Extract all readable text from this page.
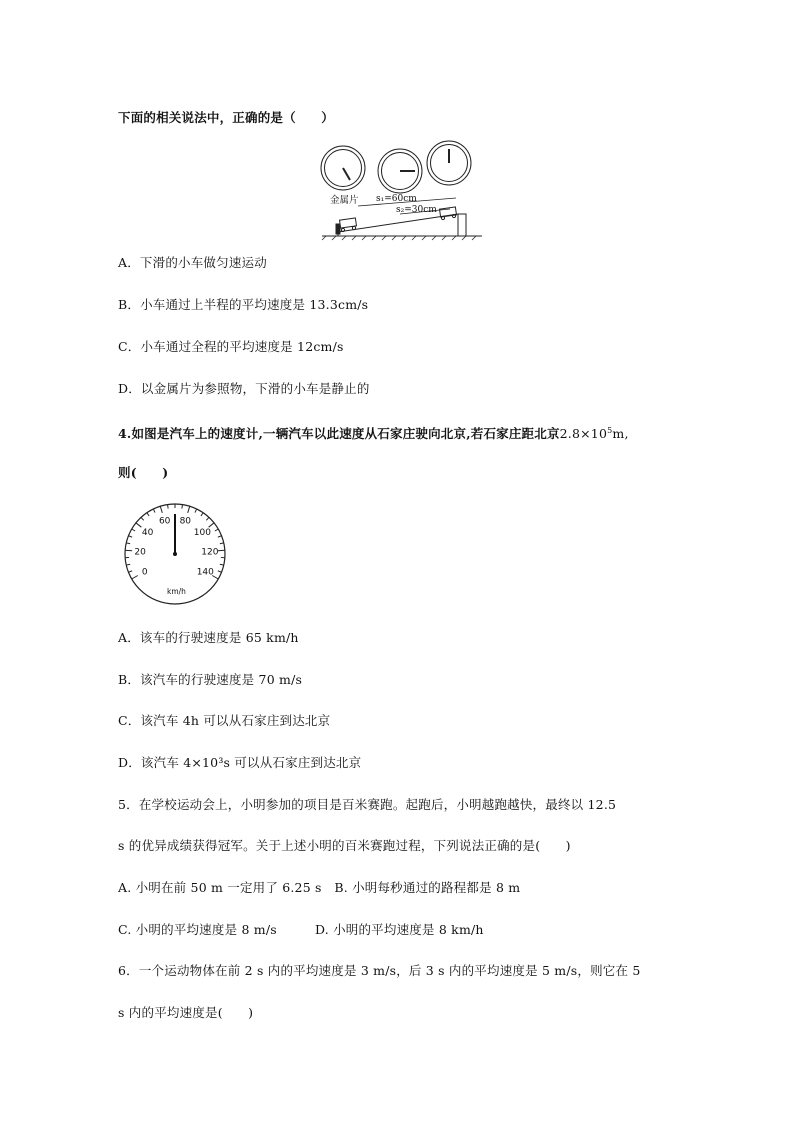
下面的相关说法中，正确的是（　　）
金属片 s₁=60cm
s₂=30cm
A．下滑的小车做匀速运动
B．小车通过上半程的平均速度是 13.3cm/s
C．小车通过全程的平均速度是 12cm/s
D．以金属片为参照物，下滑的小车是静止的
4.如图是汽车上的速度计,一辆汽车以此速度从石家庄驶向北京,若石家庄距北京$2.8\times 10^5m$,
则(　　)
0
20
40
60 80
100
120
140
km/h
A．该车的行驶速度是 65 km/h
B．该汽车的行驶速度是 70 m/s
C．该汽车 4h 可以从石家庄到达北京
D．该汽车 4×10³s 可以从石家庄到达北京
5．在学校运动会上，小明参加的项目是百米赛跑。起跑后，小明越跑越快，最终以 12.5
s 的优异成绩获得冠军。关于上述小明的百米赛跑过程，下列说法正确的是(　　)
A. 小明在前 50 m 一定用了 6.25 s　B. 小明每秒通过的路程都是 8 m
C. 小明的平均速度是 8 m/s　　　D. 小明的平均速度是 8 km/h
6．一个运动物体在前 2 s 内的平均速度是 3 m/s，后 3 s 内的平均速度是 5 m/s，则它在 5
s 内的平均速度是(　　)
